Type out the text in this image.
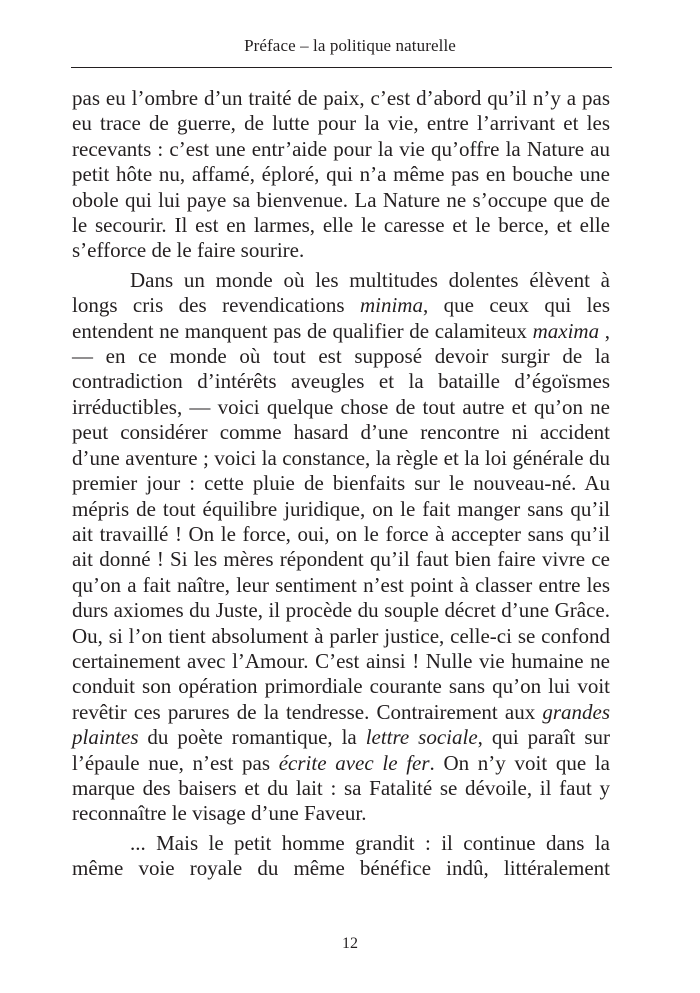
Préface – la politique naturelle

pas eu l’ombre d’un traité de paix, c’est d’abord qu’il n’y a pas eu trace de guerre, de lutte pour la vie, entre l’arrivant et les recevants : c’est une entr’aide pour la vie qu’offre la Nature au petit hôte nu, affamé, éploré, qui n’a même pas en bouche une obole qui lui paye sa bienvenue. La Nature ne s’occupe que de le secourir. Il est en larmes, elle le caresse et le berce, et elle s’efforce de le faire sourire.

Dans un monde où les multitudes dolentes élèvent à longs cris des revendications minima, que ceux qui les entendent ne manquent pas de qualifier de calamiteux maxima , — en ce monde où tout est supposé devoir surgir de la contradiction d’intérêts aveugles et la bataille d’égoïsmes irréductibles, — voici quelque chose de tout autre et qu’on ne peut considérer comme hasard d’une rencontre ni accident d’une aventure ; voici la constance, la règle et la loi générale du premier jour : cette pluie de bienfaits sur le nouveau-né. Au mépris de tout équilibre juridique, on le fait manger sans qu’il ait travaillé ! On le force, oui, on le force à accepter sans qu’il ait donné ! Si les mères répondent qu’il faut bien faire vivre ce qu’on a fait naître, leur sentiment n’est point à classer entre les durs axiomes du Juste, il procède du souple décret d’une Grâce. Ou, si l’on tient absolument à parler justice, celle-ci se confond certainement avec l’Amour. C’est ainsi ! Nulle vie humaine ne conduit son opération primordiale courante sans qu’on lui voit revêtir ces parures de la tendresse. Contrairement aux grandes plaintes du poète romantique, la lettre sociale, qui paraît sur l’épaule nue, n’est pas écrite avec le fer. On n’y voit que la marque des baisers et du lait : sa Fatalité se dévoile, il faut y reconnaître le visage d’une Faveur.

... Mais le petit homme grandit : il continue dans la même voie royale du même bénéfice indû, littéralement

12
